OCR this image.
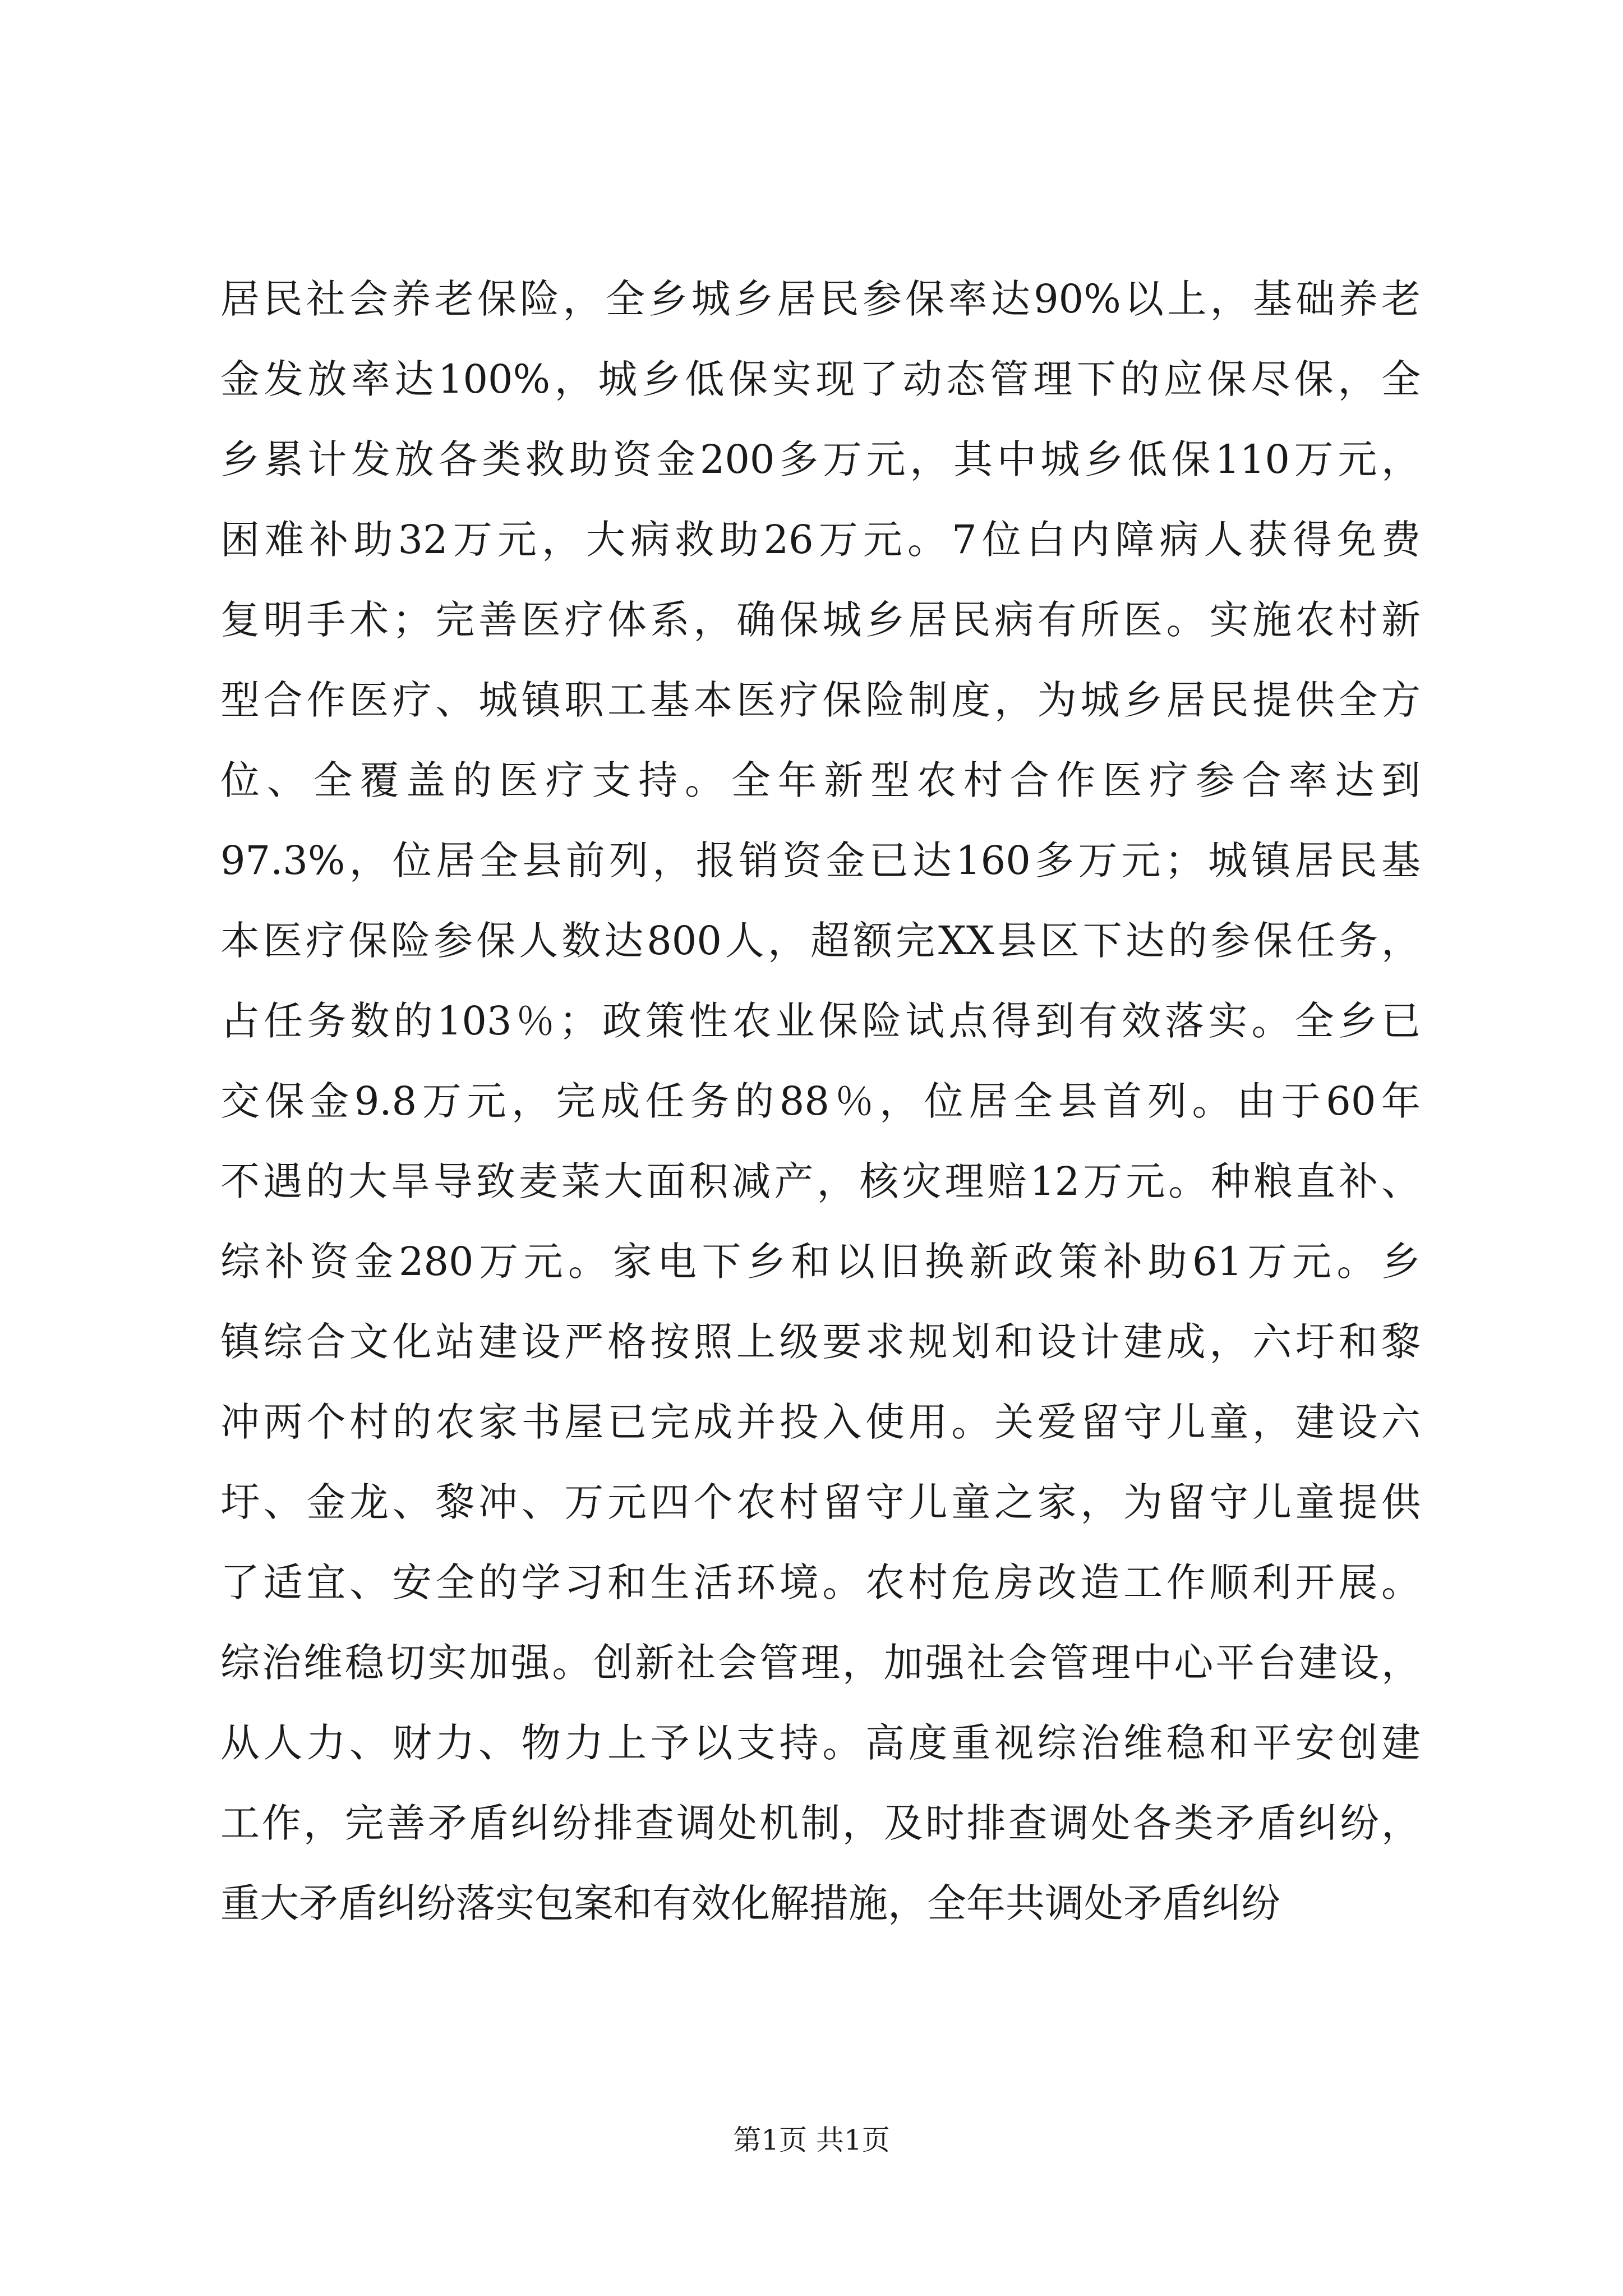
居民社会养老保险，全乡城乡居民参保率达90%以上，基础养老
金发放率达100%，城乡低保实现了动态管理下的应保尽保，全
乡累计发放各类救助资金200多万元，其中城乡低保110万元，
困难补助32万元，大病救助26万元。7位白内障病人获得免费
复明手术；完善医疗体系，确保城乡居民病有所医。实施农村新
型合作医疗、城镇职工基本医疗保险制度，为城乡居民提供全方
位、全覆盖的医疗支持。全年新型农村合作医疗参合率达到
97.3%，位居全县前列，报销资金已达160多万元；城镇居民基
本医疗保险参保人数达800人，超额完XX县区下达的参保任务，
占任务数的103％；政策性农业保险试点得到有效落实。全乡已
交保金9.8万元，完成任务的88％，位居全县首列。由于60年
不遇的大旱导致麦菜大面积减产，核灾理赔12万元。种粮直补、
综补资金280万元。家电下乡和以旧换新政策补助61万元。乡
镇综合文化站建设严格按照上级要求规划和设计建成，六圩和黎
冲两个村的农家书屋已完成并投入使用。关爱留守儿童，建设六
圩、金龙、黎冲、万元四个农村留守儿童之家，为留守儿童提供
了适宜、安全的学习和生活环境。农村危房改造工作顺利开展。
综治维稳切实加强。创新社会管理，加强社会管理中心平台建设，
从人力、财力、物力上予以支持。高度重视综治维稳和平安创建
工作，完善矛盾纠纷排查调处机制，及时排查调处各类矛盾纠纷，
重大矛盾纠纷落实包案和有效化解措施，全年共调处矛盾纠纷
第1页 共1页
